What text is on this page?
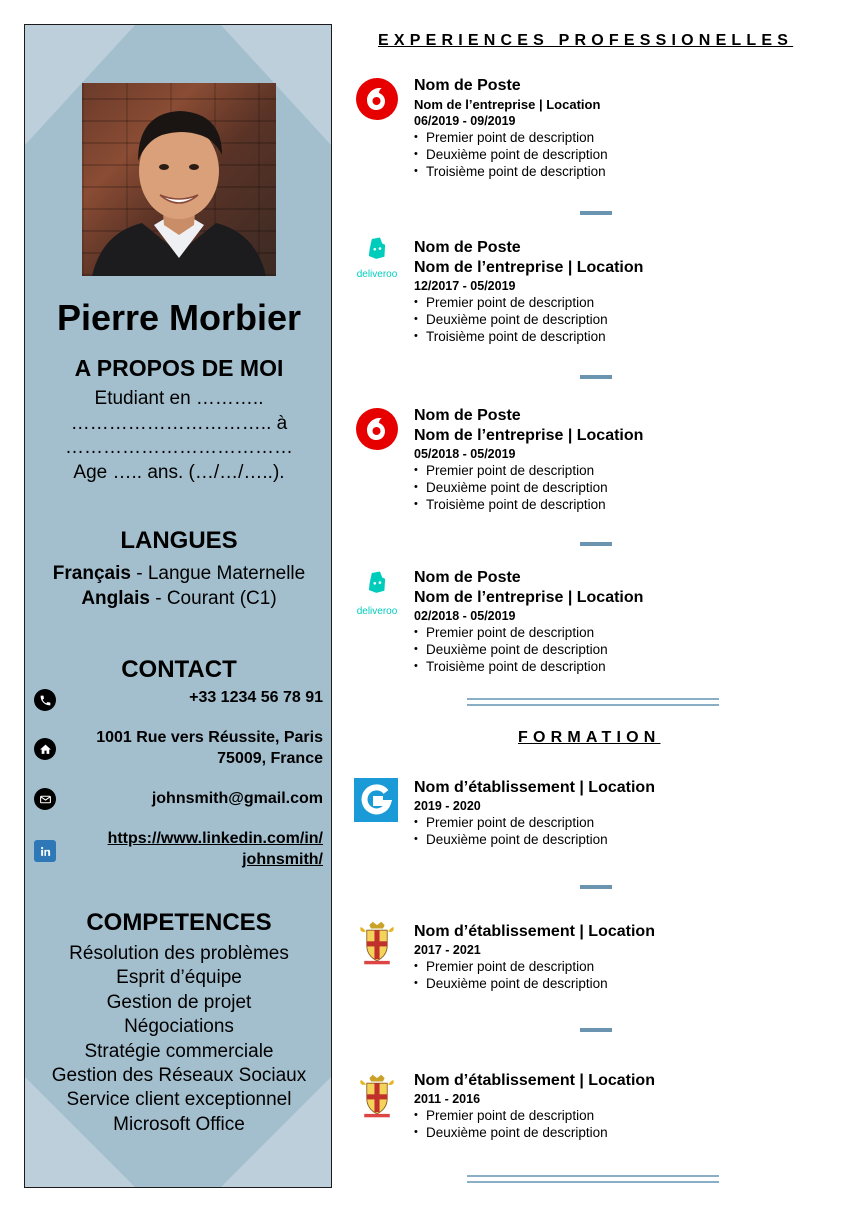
Pierre Morbier
A PROPOS DE MOI
Etudiant en ………..
………………………….. à
………………………………
Age ….. ans. (…/…/…..).
LANGUES
Français - Langue Maternelle
Anglais - Courant (C1)
CONTACT
+33 1234 56 78 91
1001 Rue vers Réussite, Paris
75009, France
johnsmith@gmail.com
https://www.linkedin.com/in/
johnsmith/
COMPETENCES
Résolution des problèmes
Esprit d’équipe
Gestion de projet
Négociations
Stratégie commerciale
Gestion des Réseaux Sociaux
Service client exceptionnel
Microsoft Office
EXPERIENCES PROFESSIONELLES
Nom de Poste
Nom de l’entreprise | Location
06/2019 - 09/2019
• Premier point de description
• Deuxième point de description
• Troisième point de description
deliveroo
Nom de Poste
Nom de l’entreprise | Location
12/2017 - 05/2019
• Premier point de description
• Deuxième point de description
• Troisième point de description
Nom de Poste
Nom de l’entreprise | Location
05/2018 - 05/2019
• Premier point de description
• Deuxième point de description
• Troisième point de description
deliveroo
Nom de Poste
Nom de l’entreprise | Location
02/2018 - 05/2019
• Premier point de description
• Deuxième point de description
• Troisième point de description
FORMATION
Nom d’établissement | Location
2019 - 2020
• Premier point de description
• Deuxième point de description
Nom d’établissement | Location
2017 - 2021
• Premier point de description
• Deuxième point de description
Nom d’établissement | Location
2011 - 2016
• Premier point de description
• Deuxième point de description
